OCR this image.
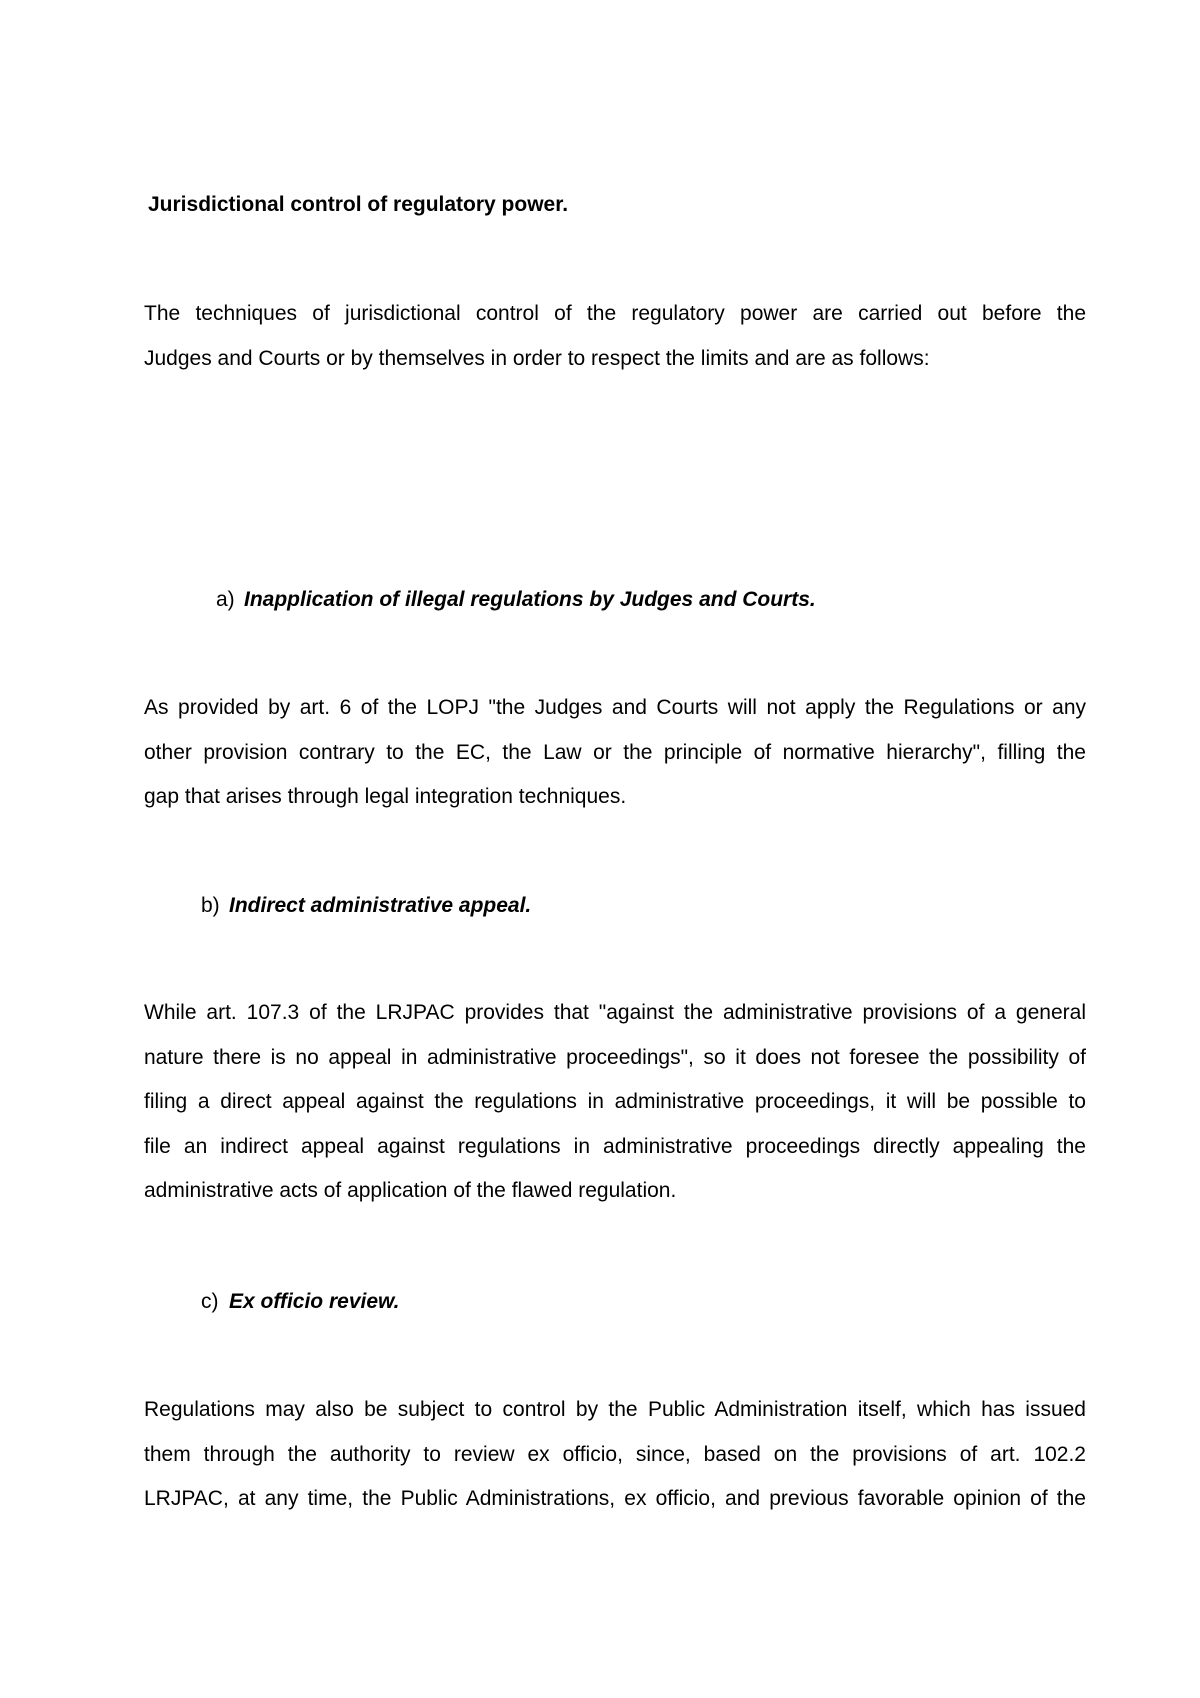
Jurisdictional control of regulatory power.
The techniques of jurisdictional control of the regulatory power are carried out before the
Judges and Courts or by themselves in order to respect the limits and are as follows:
a) Inapplication of illegal regulations by Judges and Courts.
As provided by art. 6 of the LOPJ "the Judges and Courts will not apply the Regulations or any
other provision contrary to the EC, the Law or the principle of normative hierarchy", filling the
gap that arises through legal integration techniques.
b) Indirect administrative appeal.
While art. 107.3 of the LRJPAC provides that "against the administrative provisions of a general
nature there is no appeal in administrative proceedings", so it does not foresee the possibility of
filing a direct appeal against the regulations in administrative proceedings, it will be possible to
file an indirect appeal against regulations in administrative proceedings directly appealing the
administrative acts of application of the flawed regulation.
c) Ex officio review.
Regulations may also be subject to control by the Public Administration itself, which has issued
them through the authority to review ex officio, since, based on the provisions of art. 102.2
LRJPAC, at any time, the Public Administrations, ex officio, and previous favorable opinion of the
